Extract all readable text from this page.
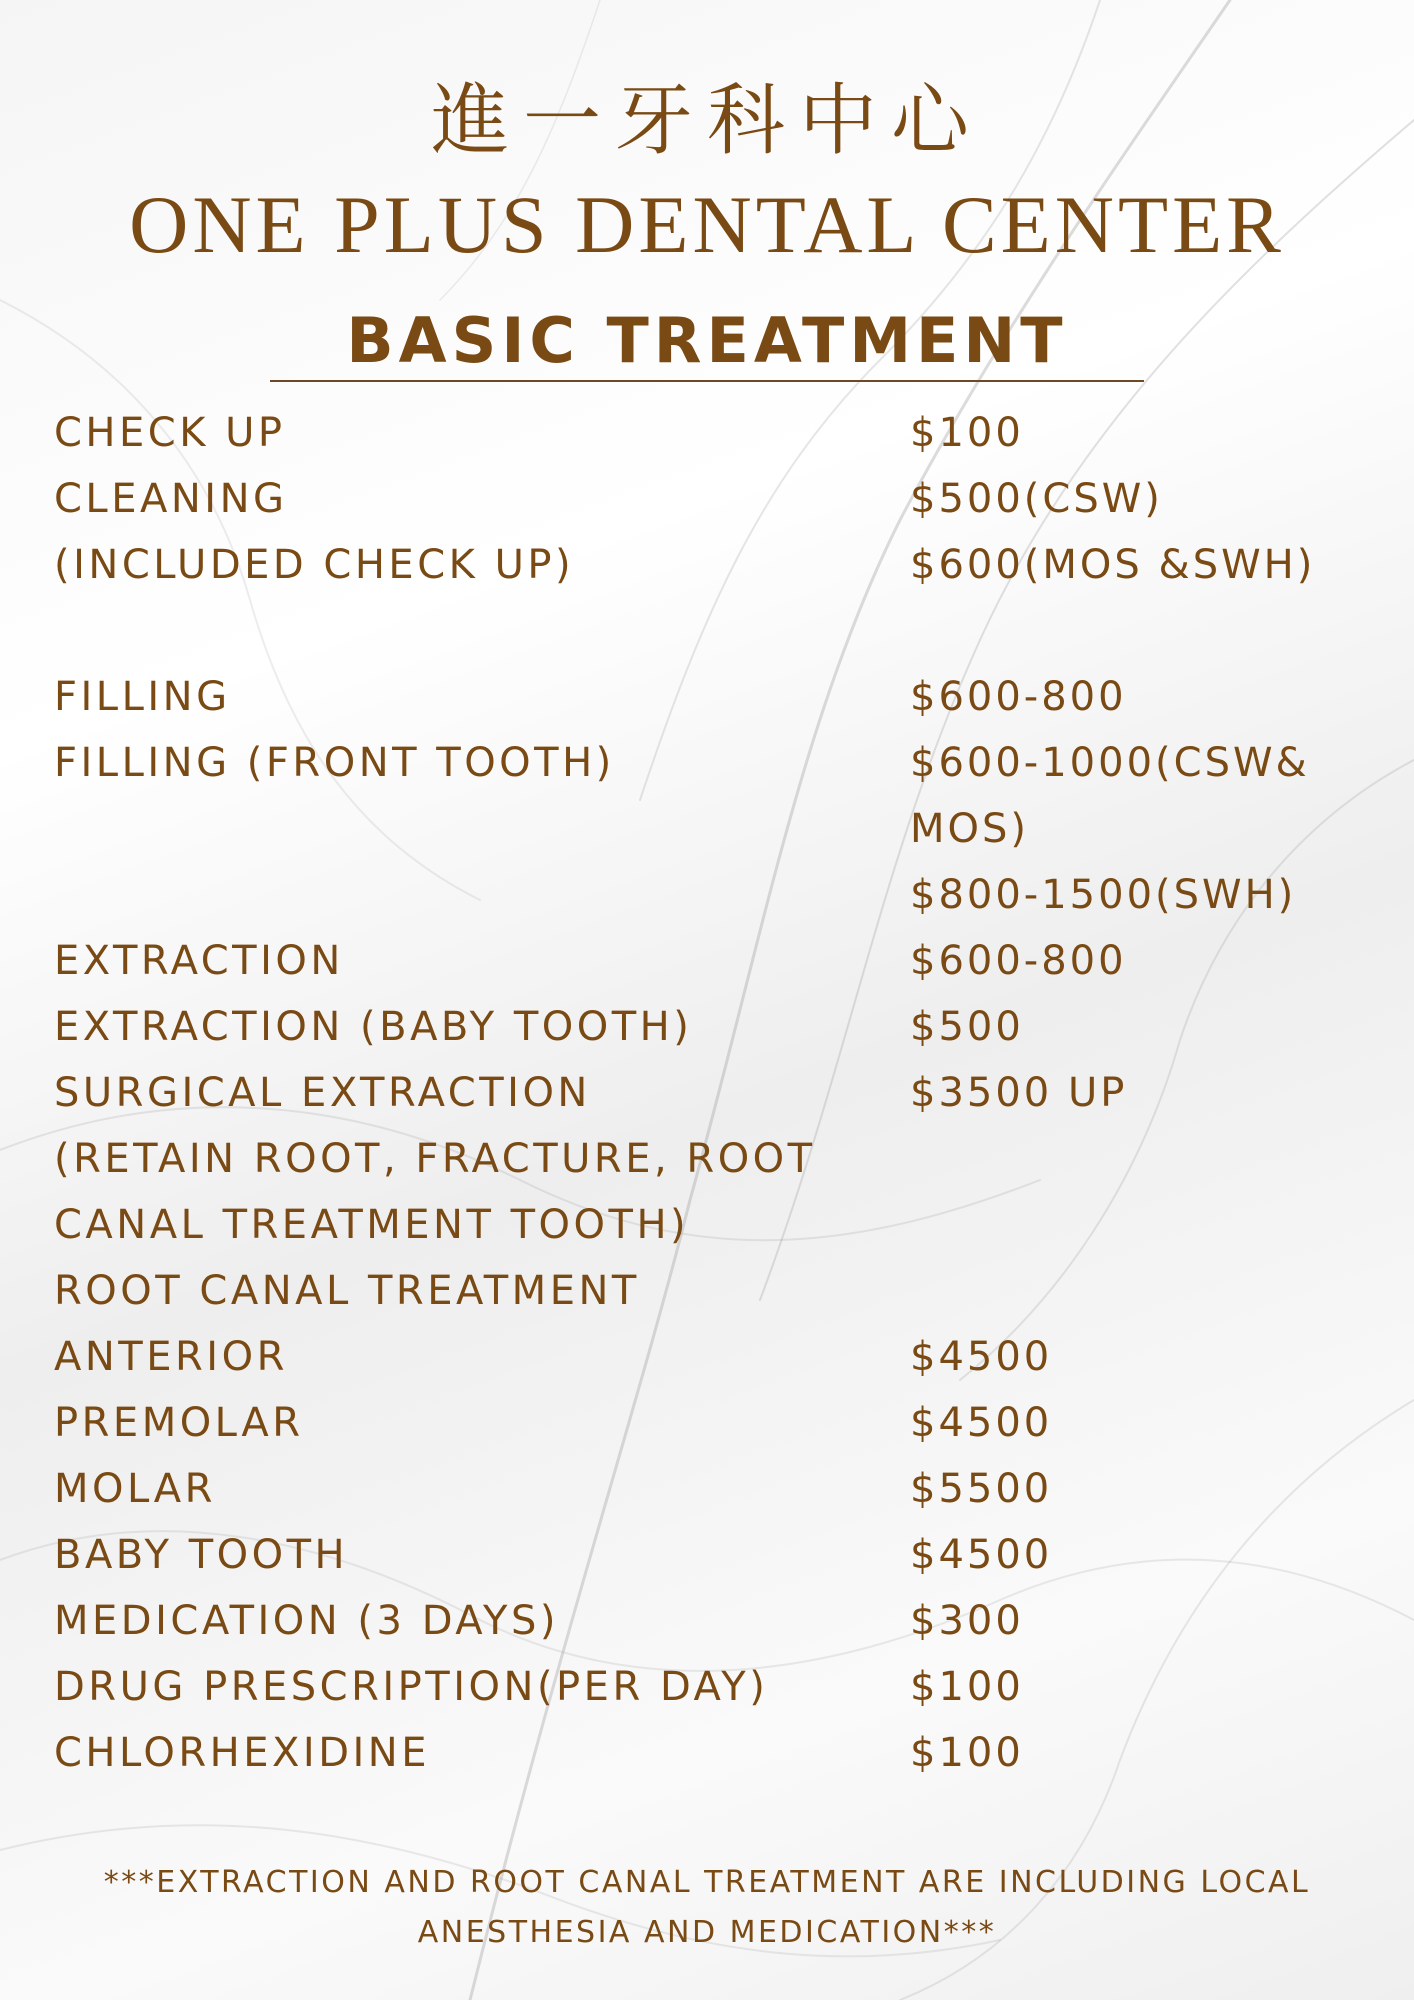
進一牙科中心
ONE PLUS DENTAL CENTER
BASIC TREATMENT
CHECK UP	$100
CLEANING	$500(CSW)
(INCLUDED CHECK UP)	$600(MOS &SWH)
FILLING	$600-800
FILLING (FRONT TOOTH)	$600-1000(CSW&
MOS)
$800-1500(SWH)
EXTRACTION	$600-800
EXTRACTION (BABY TOOTH)	$500
SURGICAL EXTRACTION	$3500 UP
(RETAIN ROOT, FRACTURE, ROOT
CANAL TREATMENT TOOTH)
ROOT CANAL TREATMENT
ANTERIOR	$4500
PREMOLAR	$4500
MOLAR	$5500
BABY TOOTH	$4500
MEDICATION (3 DAYS)	$300
DRUG PRESCRIPTION(PER DAY)	$100
CHLORHEXIDINE	$100
***EXTRACTION AND ROOT CANAL TREATMENT ARE INCLUDING LOCAL
ANESTHESIA AND MEDICATION***
